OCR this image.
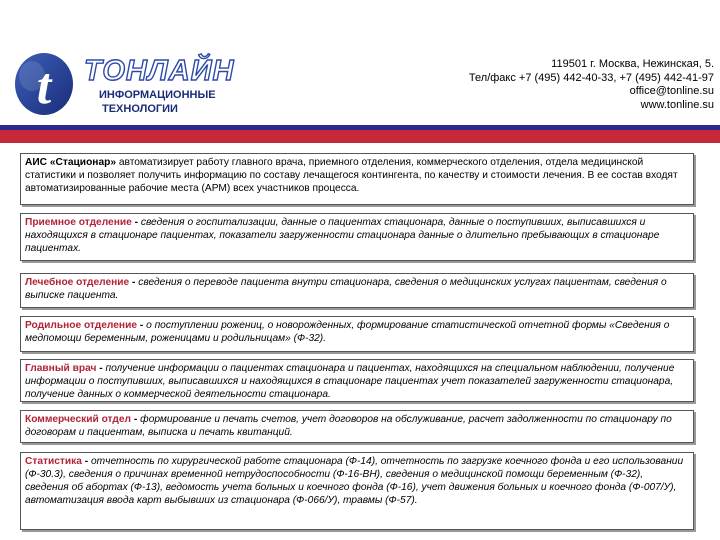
t ТОНЛАЙН
ИНФОРМАЦИОННЫЕ
ТЕХНОЛОГИИ
119501 г. Москва, Нежинская, 5.
Тел/факс +7 (495) 442-40-33, +7 (495) 442-41-97
office@tonline.su
www.tonline.su
АИС «Стационар» автоматизирует работу главного врача, приемного отделения, коммерческого отделения, отдела медицинской статистики и позволяет получить информацию по составу лечащегося контингента, по качеству и стоимости лечения. В ее состав входят автоматизированные рабочие места (АРМ) всех участников процесса.
Приемное отделение - сведения о госпитализации, данные о пациентах стационара, данные о поступивших, выписавшихся и находящихся в стационаре пациентах, показатели загруженности стационара данные о длительно пребывающих в стационаре пациентах.
Лечебное отделение - сведения о переводе пациента внутри стационара, сведения о медицинских услугах пациентам, сведения о выписке пациента.
Родильное отделение - о поступлении рожениц, о новорожденных, формирование статистической отчетной формы «Сведения о медпомощи беременным, роженицами и родильницам» (Ф-32).
Главный врач - получение информации о пациентах стационара и пациентах, находящихся на специальном наблюдении, получение информации о поступивших, выписавшихся и находящихся в стационаре пациентах учет показателей загруженности стационара, получение данных о коммерческой деятельности стационара.
Коммерческий отдел - формирование и печать счетов, учет договоров на обслуживание, расчет задолженности по стационару по договорам и пациентам, выписка и печать квитанций.
Статистика - отчетность по хирургической работе стационара (Ф-14), отчетность по загрузке коечного фонда и его использовании (Ф-30.3), сведения о причинах временной нетрудоспособности (Ф-16-ВН), сведения о медицинской помощи беременным (Ф-32), сведения об абортах (Ф-13), ведомость учета больных и коечного фонда (Ф-16), учет движения больных и коечного фонда (Ф-007/У), автоматизация ввода карт выбывших из стационара (Ф-066/У), травмы (Ф-57).
